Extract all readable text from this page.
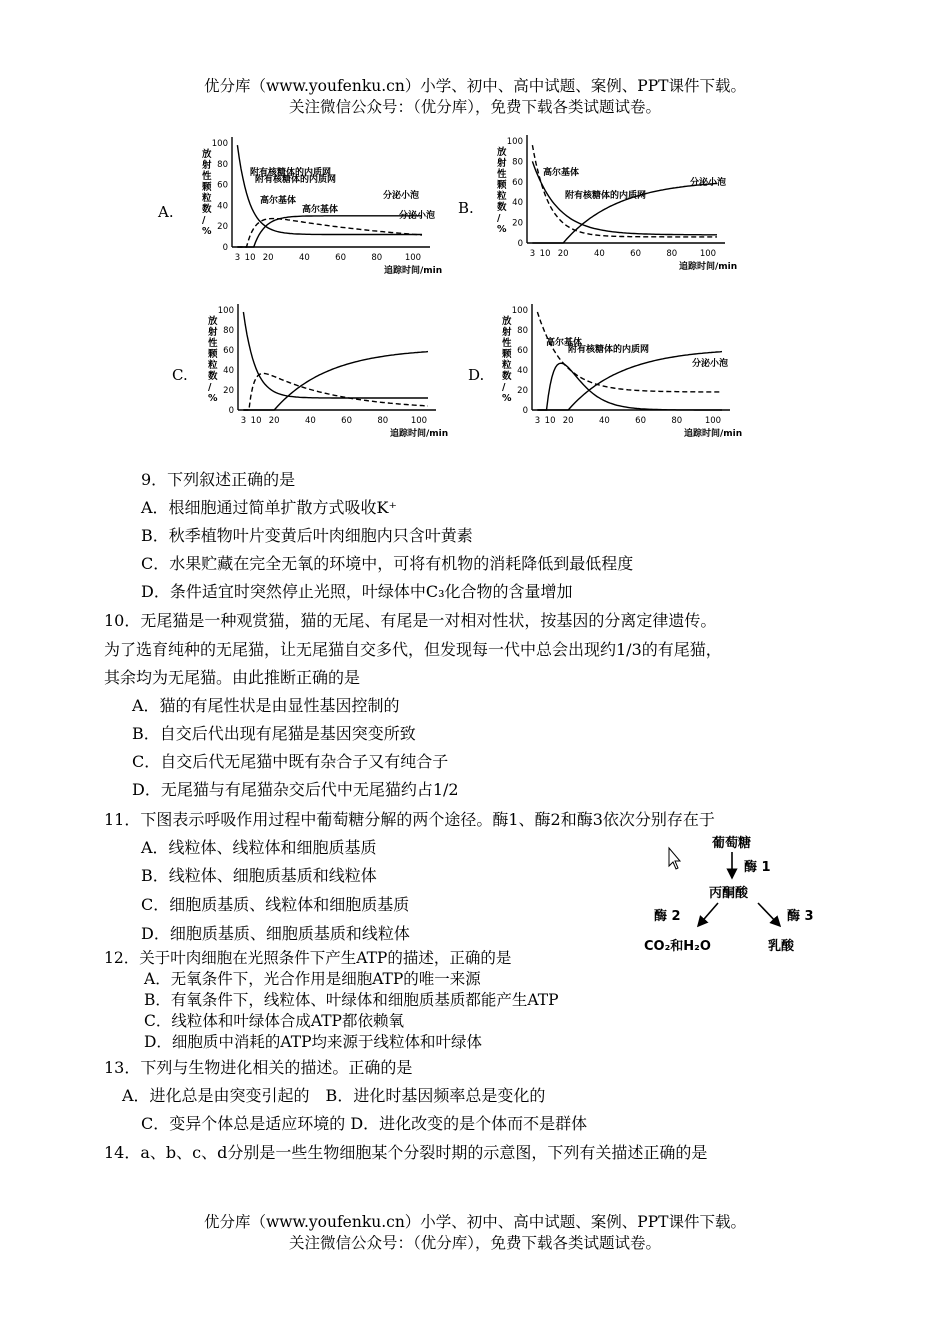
优分库（www.youfenku.cn）小学、初中、高中试题、案例、PPT课件下载。
关注微信公众号：（优分库），免费下载各类试题试卷。
A.
100
80
60
40
20
0
放
射
性
颗
粒
数
/
%
3 10 20	40	60	80	100
追踪时间/min
附有核糖体的内质网
高尔基体	分泌小泡
B.
100
80
60
40
20
0
放
射
性
颗
粒
数
/
%
3 10 20	40	60	80	100
追踪时间/min
高尔基体
附有核糖体的内质网
分泌小泡
C.
100
80
60
40
20
0
放
射
性
颗
粒
数
/
%
3 10 20	40	60	80	100
追踪时间/min
附有核糖体的内质网
高尔基体
分泌小泡
D.
100
80
60
40
20
0
放
射
性
颗
粒
数
/
%
3 10 20	40	60	80	100
追踪时间/min
高尔基体
附有核糖体的内质网
分泌小泡
9．下列叙述正确的是
A．根细胞通过简单扩散方式吸收K⁺
B．秋季植物叶片变黄后叶肉细胞内只含叶黄素
C．水果贮藏在完全无氧的环境中，可将有机物的消耗降低到最低程度
D．条件适宜时突然停止光照，叶绿体中C₃化合物的含量增加
10．无尾猫是一种观赏猫，猫的无尾、有尾是一对相对性状，按基因的分离定律遗传。
为了选育纯种的无尾猫，让无尾猫自交多代，但发现每一代中总会出现约1/3的有尾猫，
其余均为无尾猫。由此推断正确的是
A．猫的有尾性状是由显性基因控制的
B．自交后代出现有尾猫是基因突变所致
C．自交后代无尾猫中既有杂合子又有纯合子
D．无尾猫与有尾猫杂交后代中无尾猫约占1/2
11．下图表示呼吸作用过程中葡萄糖分解的两个途径。酶1、酶2和酶3依次分别存在于
A．线粒体、线粒体和细胞质基质
B．线粒体、细胞质基质和线粒体
C．细胞质基质、线粒体和细胞质基质
D．细胞质基质、细胞质基质和线粒体
葡萄糖
酶 1
丙酮酸
酶 2	酶 3
CO₂和H₂O	乳酸
12．关于叶肉细胞在光照条件下产生ATP的描述，正确的是
A．无氧条件下，光合作用是细胞ATP的唯一来源
B．有氧条件下，线粒体、叶绿体和细胞质基质都能产生ATP
C．线粒体和叶绿体合成ATP都依赖氧
D．细胞质中消耗的ATP均来源于线粒体和叶绿体
13．下列与生物进化相关的描述。正确的是
A．进化总是由突变引起的　B．进化时基因频率总是变化的
C．变异个体总是适应环境的 D．进化改变的是个体而不是群体
14．a、b、c、d分别是一些生物细胞某个分裂时期的示意图，下列有关描述正确的是
优分库（www.youfenku.cn）小学、初中、高中试题、案例、PPT课件下载。
关注微信公众号：（优分库），免费下载各类试题试卷。
